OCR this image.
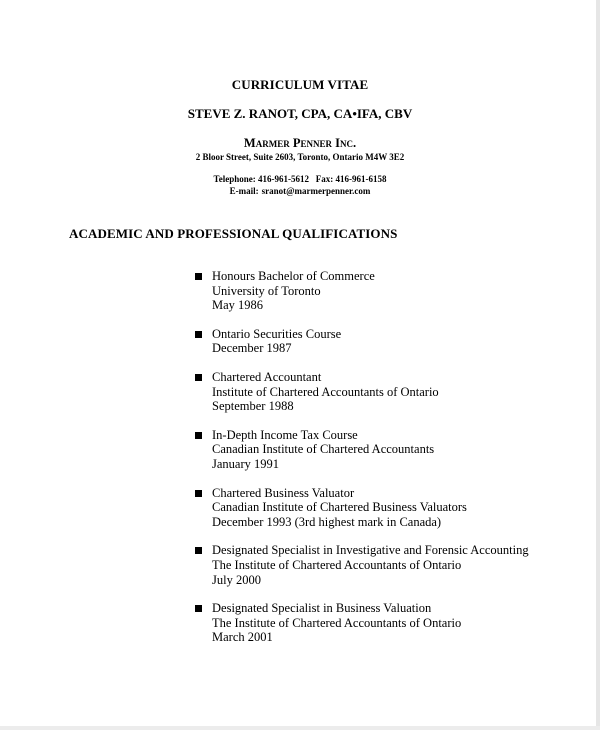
CURRICULUM VITAE
STEVE Z. RANOT, CPA, CA•IFA, CBV
Marmer Penner Inc.
2 Bloor Street, Suite 2603, Toronto, Ontario M4W 3E2
Telephone: 416-961-5612 Fax: 416-961-6158
E-mail: sranot@marmerpenner.com
ACADEMIC AND PROFESSIONAL QUALIFICATIONS
Honours Bachelor of Commerce
University of Toronto
May 1986
Ontario Securities Course
December 1987
Chartered Accountant
Institute of Chartered Accountants of Ontario
September 1988
In-Depth Income Tax Course
Canadian Institute of Chartered Accountants
January 1991
Chartered Business Valuator
Canadian Institute of Chartered Business Valuators
December 1993 (3rd highest mark in Canada)
Designated Specialist in Investigative and Forensic Accounting
The Institute of Chartered Accountants of Ontario
July 2000
Designated Specialist in Business Valuation
The Institute of Chartered Accountants of Ontario
March 2001
